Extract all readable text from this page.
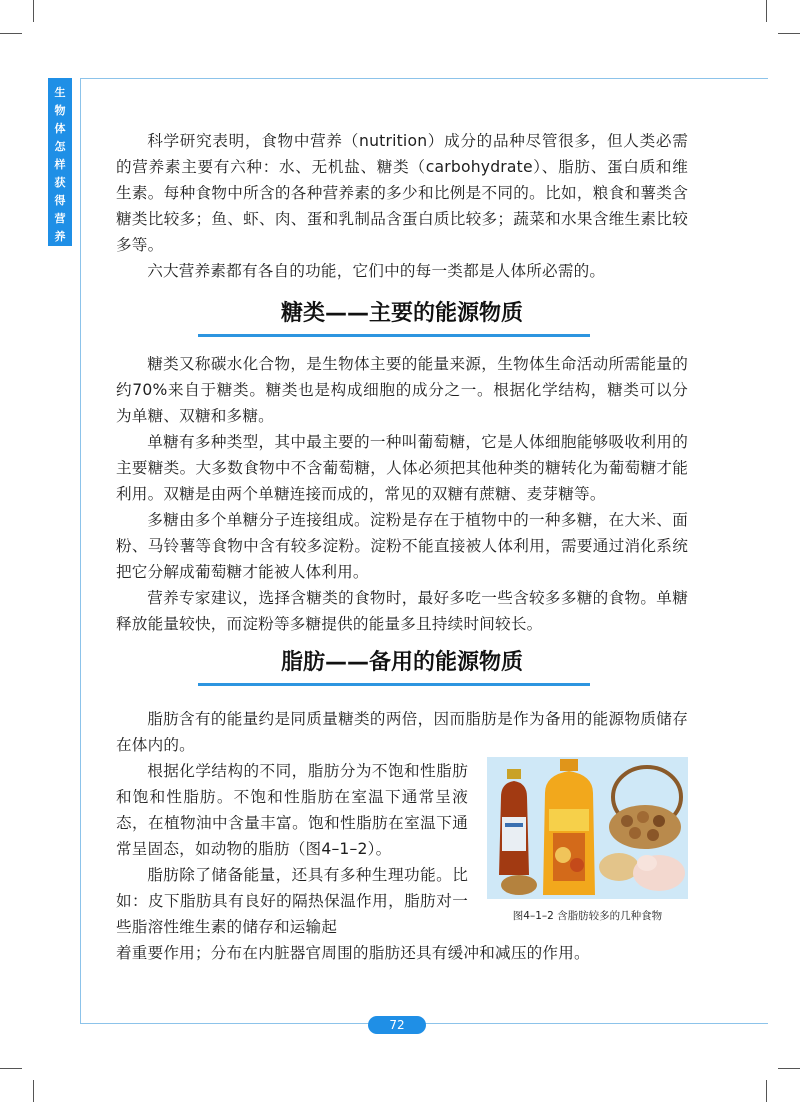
生
物
体
怎
样
获
得
营
养

科学研究表明，食物中营养（nutrition）成分的品种尽管很多，但人类必需的营养素主要有六种：水、无机盐、糖类（carbohydrate）、脂肪、蛋白质和维生素。每种食物中所含的各种营养素的多少和比例是不同的。比如，粮食和薯类含糖类比较多；鱼、虾、肉、蛋和乳制品含蛋白质比较多；蔬菜和水果含维生素比较多等。

六大营养素都有各自的功能，它们中的每一类都是人体所必需的。

糖类——主要的能源物质

糖类又称碳水化合物，是生物体主要的能量来源，生物体生命活动所需能量的约70%来自于糖类。糖类也是构成细胞的成分之一。根据化学结构，糖类可以分为单糖、双糖和多糖。

单糖有多种类型，其中最主要的一种叫葡萄糖，它是人体细胞能够吸收利用的主要糖类。大多数食物中不含葡萄糖，人体必须把其他种类的糖转化为葡萄糖才能利用。双糖是由两个单糖连接而成的，常见的双糖有蔗糖、麦芽糖等。

多糖由多个单糖分子连接组成。淀粉是存在于植物中的一种多糖，在大米、面粉、马铃薯等食物中含有较多淀粉。淀粉不能直接被人体利用，需要通过消化系统把它分解成葡萄糖才能被人体利用。

营养专家建议，选择含糖类的食物时，最好多吃一些含较多多糖的食物。单糖释放能量较快，而淀粉等多糖提供的能量多且持续时间较长。

脂肪——备用的能源物质

脂肪含有的能量约是同质量糖类的两倍，因而脂肪是作为备用的能源物质储存在体内的。

根据化学结构的不同，脂肪分为不饱和性脂肪和饱和性脂肪。不饱和性脂肪在室温下通常呈液态，在植物油中含量丰富。饱和性脂肪在室温下通常呈固态，如动物的脂肪（图4–1–2）。

脂肪除了储备能量，还具有多种生理功能。比如：皮下脂肪具有良好的隔热保温作用，脂肪对一些脂溶性维生素的储存和运输起

着重要作用；分布在内脏器官周围的脂肪还具有缓冲和减压的作用。

图4–1–2 含脂肪较多的几种食物
72
